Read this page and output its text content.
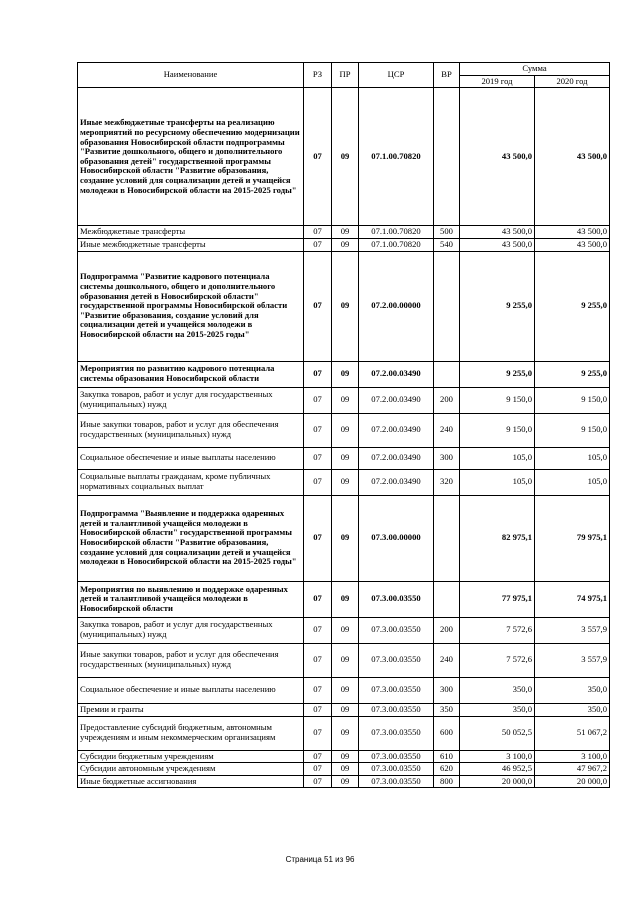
Наименование	РЗ	ПР	ЦСР	ВР	Сумма	
					2019 год	2020 год
Иные межбюджетные трансферты на реализацию мероприятий по ресурсному обеспечению модернизации образования Новосибирской области подпрограммы "Развитие дошкольного, общего и дополнительного образования детей" государственной программы Новосибирской области "Развитие образования, создание условий для социализации детей и учащейся молодежи в Новосибирской области на 2015-2025 годы"	07	09	07.1.00.70820		43 500,0	43 500,0
Межбюджетные трансферты	07	09	07.1.00.70820	500	43 500,0	43 500,0
Иные межбюджетные трансферты	07	09	07.1.00.70820	540	43 500,0	43 500,0
Подпрограмма "Развитие кадрового потенциала системы дошкольного, общего и дополнительного образования детей в Новосибирской области" государственной программы Новосибирской области "Развитие образования, создание условий для социализации детей и учащейся молодежи в Новосибирской области на 2015-2025 годы"	07	09	07.2.00.00000		9 255,0	9 255,0
Мероприятия по развитию кадрового потенциала системы образования Новосибирской области	07	09	07.2.00.03490		9 255,0	9 255,0
Закупка товаров, работ и услуг для государственных (муниципальных) нужд	07	09	07.2.00.03490	200	9 150,0	9 150,0
Иные закупки товаров, работ и услуг для обеспечения государственных (муниципальных) нужд	07	09	07.2.00.03490	240	9 150,0	9 150,0
Социальное обеспечение и иные выплаты населению	07	09	07.2.00.03490	300	105,0	105,0
Социальные выплаты гражданам, кроме публичных нормативных социальных выплат	07	09	07.2.00.03490	320	105,0	105,0
Подпрограмма "Выявление и поддержка одаренных детей и талантливой учащейся молодежи в Новосибирской области" государственной программы Новосибирской области "Развитие образования, создание условий для социализации детей и учащейся молодежи в Новосибирской области на 2015-2025 годы"	07	09	07.3.00.00000		82 975,1	79 975,1
Мероприятия по выявлению и поддержке одаренных детей и талантливой учащейся молодежи в Новосибирской области	07	09	07.3.00.03550		77 975,1	74 975,1
Закупка товаров, работ и услуг для государственных (муниципальных) нужд	07	09	07.3.00.03550	200	7 572,6	3 557,9
Иные закупки товаров, работ и услуг для обеспечения государственных (муниципальных) нужд	07	09	07.3.00.03550	240	7 572,6	3 557,9
Социальное обеспечение и иные выплаты населению	07	09	07.3.00.03550	300	350,0	350,0
Премии и гранты	07	09	07.3.00.03550	350	350,0	350,0
Предоставление субсидий бюджетным, автономным учреждениям и иным некоммерческим организациям	07	09	07.3.00.03550	600	50 052,5	51 067,2
Субсидии бюджетным учреждениям	07	09	07.3.00.03550	610	3 100,0	3 100,0
Субсидии автономным учреждениям	07	09	07.3.00.03550	620	46 952,5	47 967,2
Иные бюджетные ассигнования	07	09	07.3.00.03550	800	20 000,0	20 000,0
Страница 51 из 96
